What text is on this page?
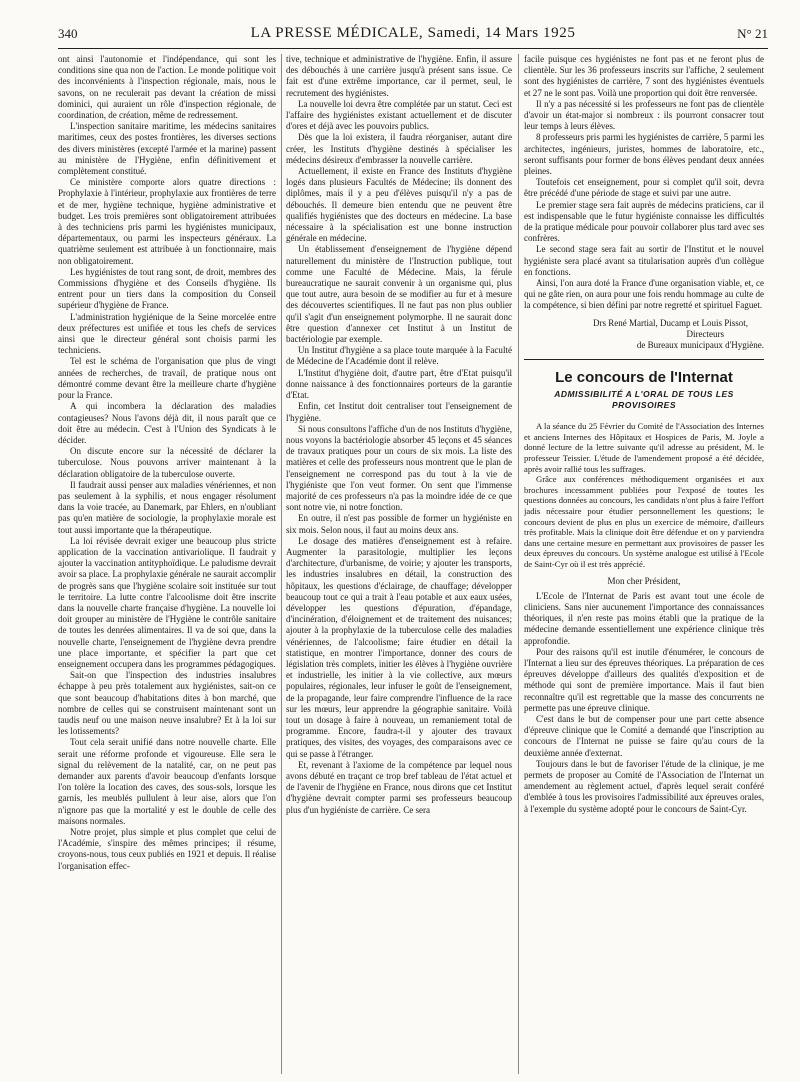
340	LA PRESSE MÉDICALE, Samedi, 14 Mars 1925	N° 21

ont ainsi l'autonomie et l'indépendance, qui sont les conditions sine qua non de l'action. Le monde politique voit des inconvénients à l'inspection régionale, mais, nous le savons, on ne reculerait pas devant la création de missi dominici, qui auraient un rôle d'inspection régionale, de coordination, de création, même de redressement.

L'inspection sanitaire maritime, les médecins sanitaires maritimes, ceux des postes frontières, les diverses sections des divers ministères (excepté l'armée et la marine) passent au ministère de l'Hygiène, enfin définitivement et complètement constitué.

Ce ministère comporte alors quatre directions : Prophylaxie à l'intérieur, prophylaxie aux frontières de terre et de mer, hygiène technique, hygiène administrative et budget. Les trois premières sont obligatoirement attribuées à des techniciens pris parmi les hygiénistes municipaux, départementaux, ou parmi les inspecteurs généraux. La quatrième seulement est attribuée à un fonctionnaire, mais non obligatoirement.

Les hygiénistes de tout rang sont, de droit, membres des Commissions d'hygiène et des Conseils d'hygiène. Ils entrent pour un tiers dans la composition du Conseil supérieur d'hygiène de France.

L'administration hygiénique de la Seine morcelée entre deux préfectures est unifiée et tous les chefs de services ainsi que le directeur général sont choisis parmi les techniciens.

Tel est le schéma de l'organisation que plus de vingt années de recherches, de travail, de pratique nous ont démontré comme devant être la meilleure charte d'hygiène pour la France.

A qui incombera la déclaration des maladies contagieuses? Nous l'avons déjà dit, il nous paraît que ce doit être au médecin. C'est à l'Union des Syndicats à le décider.

On discute encore sur la nécessité de déclarer la tuberculose. Nous pouvons arriver maintenant à la déclaration obligatoire de la tuberculose ouverte.

Il faudrait aussi penser aux maladies vénériennes, et non pas seulement à la syphilis, et nous engager résolument dans la voie tracée, au Danemark, par Ehlers, en n'oubliant pas qu'en matière de sociologie, la prophylaxie morale est tout aussi importante que la thérapeutique.

La loi révisée devrait exiger une beaucoup plus stricte application de la vaccination antivariolique. Il faudrait y ajouter la vaccination antityphoïdique. Le paludisme devrait avoir sa place. La prophylaxie générale ne saurait accomplir de progrès sans que l'hygiène scolaire soit instituée sur tout le territoire. La lutte contre l'alcoolisme doit être inscrite dans la nouvelle charte française d'hygiène. La nouvelle loi doit grouper au ministère de l'Hygiène le contrôle sanitaire de toutes les denrées alimentaires. Il va de soi que, dans la nouvelle charte, l'enseignement de l'hygiène devra prendre une place importante, et spécifier la part que cet enseignement occupera dans les programmes pédagogiques.

Sait-on que l'inspection des industries insalubres échappe à peu près totalement aux hygiénistes, sait-on ce que sont beaucoup d'habitations dites à bon marché, que nombre de celles qui se construisent maintenant sont un taudis neuf ou une maison neuve insalubre? Et à la loi sur les lotissements?

Tout cela serait unifié dans notre nouvelle charte. Elle serait une réforme profonde et vigoureuse. Elle sera le signal du relèvement de la natalité, car, on ne peut pas demander aux parents d'avoir beaucoup d'enfants lorsque l'on tolère la location des caves, des sous-sols, lorsque les garnis, les meublés pullulent à leur aise, alors que l'on n'ignore pas que la mortalité y est le double de celle des maisons normales.

Notre projet, plus simple et plus complet que celui de l'Académie, s'inspire des mêmes principes; il résume, croyons-nous, tous ceux publiés en 1921 et depuis. Il réalise l'organisation effec-

tive, technique et administrative de l'hygiène. Enfin, il assure des débouchés à une carrière jusqu'à présent sans issue. Ce fait est d'une extrême importance, car il permet, seul, le recrutement des hygiénistes.

La nouvelle loi devra être complétée par un statut. Ceci est l'affaire des hygiénistes existant actuellement et de discuter d'ores et déjà avec les pouvoirs publics.

Dès que la loi existera, il faudra réorganiser, autant dire créer, les Instituts d'hygiène destinés à spécialiser les médecins désireux d'embrasser la nouvelle carrière.

Actuellement, il existe en France des Instituts d'hygiène logés dans plusieurs Facultés de Médecine; ils donnent des diplômes, mais il y a peu d'élèves puisqu'il n'y a pas de débouchés. Il demeure bien entendu que ne peuvent être qualifiés hygiénistes que des docteurs en médecine. La base nécessaire à la spécialisation est une bonne instruction générale en médecine.

Un établissement d'enseignement de l'hygiène dépend naturellement du ministère de l'Instruction publique, tout comme une Faculté de Médecine. Mais, la férule bureaucratique ne saurait convenir à un organisme qui, plus que tout autre, aura besoin de se modifier au fur et à mesure des découvertes scientifiques. Il ne faut pas non plus oublier qu'il s'agit d'un enseignement polymorphe. Il ne saurait donc être question d'annexer cet Institut à un Institut de bactériologie par exemple.

Un Institut d'hygiène a sa place toute marquée à la Faculté de Médecine de l'Académie dont il relève.

L'Institut d'hygiène doit, d'autre part, être d'Etat puisqu'il donne naissance à des fonctionnaires porteurs de la garantie d'Etat.

Enfin, cet Institut doit centraliser tout l'enseignement de l'hygiène.

Si nous consultons l'affiche d'un de nos Instituts d'hygiène, nous voyons la bactériologie absorber 45 leçons et 45 séances de travaux pratiques pour un cours de six mois. La liste des matières et celle des professeurs nous montrent que le plan de l'enseignement ne correspond pas du tout à la vie de l'hygiéniste que l'on veut former. On sent que l'immense majorité de ces professeurs n'a pas la moindre idée de ce que sont notre vie, ni notre fonction.

En outre, il n'est pas possible de former un hygiéniste en six mois. Selon nous, il faut au moins deux ans.

Le dosage des matières d'enseignement est à refaire. Augmenter la parasitologie, multiplier les leçons d'architecture, d'urbanisme, de voirie; y ajouter les transports, les industries insalubres en détail, la construction des hôpitaux, les questions d'éclairage, de chauffage; développer beaucoup tout ce qui a trait à l'eau potable et aux eaux usées, développer les questions d'épuration, d'épandage, d'incinération, d'éloignement et de traitement des nuisances; ajouter à la prophylaxie de la tuberculose celle des maladies vénériennes, de l'alcoolisme; faire étudier en détail la statistique, en montrer l'importance, donner des cours de législation très complets, initier les élèves à l'hygiène ouvrière et industrielle, les initier à la vie collective, aux mœurs populaires, régionales, leur infuser le goût de l'enseignement, de la propagande, leur faire comprendre l'influence de la race sur les mœurs, leur apprendre la géographie sanitaire. Voilà tout un dosage à faire à nouveau, un remaniement total de programme. Encore, faudra-t-il y ajouter des travaux pratiques, des visites, des voyages, des comparaisons avec ce qui se passe à l'étranger.

Et, revenant à l'axiome de la compétence par lequel nous avons débuté en traçant ce trop bref tableau de l'état actuel et de l'avenir de l'hygiène en France, nous dirons que cet Institut d'hygiène devrait compter parmi ses professeurs beaucoup plus d'un hygiéniste de carrière. Ce sera

facile puisque ces hygiénistes ne font pas et ne feront plus de clientèle. Sur les 36 professeurs inscrits sur l'affiche, 2 seulement sont des hygiénistes de carrière, 7 sont des hygiénistes éventuels et 27 ne le sont pas. Voilà une proportion qui doit être renversée.

Il n'y a pas nécessité si les professeurs ne font pas de clientèle d'avoir un état-major si nombreux : ils pourront consacrer tout leur temps à leurs élèves.

8 professeurs pris parmi les hygiénistes de carrière, 5 parmi les architectes, ingénieurs, juristes, hommes de laboratoire, etc., seront suffisants pour former de bons élèves pendant deux années pleines.

Toutefois cet enseignement, pour si complet qu'il soit, devra être précédé d'une période de stage et suivi par une autre.

Le premier stage sera fait auprès de médecins praticiens, car il est indispensable que le futur hygiéniste connaisse les difficultés de la pratique médicale pour pouvoir collaborer plus tard avec ses confrères.

Le second stage sera fait au sortir de l'Institut et le nouvel hygiéniste sera placé avant sa titularisation auprès d'un collègue en fonctions.

Ainsi, l'on aura doté la France d'une organisation viable, et, ce qui ne gâte rien, on aura pour une fois rendu hommage au culte de la compétence, si bien défini par notre regretté et spirituel Faguet.

Drs René Martial, Ducamp et Louis Pissot,
Directeurs
de Bureaux municipaux d'Hygiène.
Le concours de l'Internat
ADMISSIBILITÉ A L'ORAL DE TOUS LES PROVISOIRES

A la séance du 25 Février du Comité de l'Association des Internes et anciens Internes des Hôpitaux et Hospices de Paris, M. Joyle a donné lecture de la lettre suivante qu'il adresse au président, M. le professeur Teissier. L'étude de l'amendement proposé a été décidée, après avoir rallié tous les suffrages.

Grâce aux conférences méthodiquement organisées et aux brochures incessamment publiées pour l'exposé de toutes les questions données au concours, les candidats n'ont plus à faire l'effort jadis nécessaire pour étudier personnellement les questions; le concours devient de plus en plus un exercice de mémoire, d'ailleurs très profitable. Mais la clinique doit être défendue et on y parviendra dans une certaine mesure en permettant aux provisoires de passer les deux épreuves du concours. Un système analogue est utilisé à l'Ecole de Saint-Cyr où il est très apprécié.

Mon cher Président,

L'Ecole de l'Internat de Paris est avant tout une école de cliniciens. Sans nier aucunement l'importance des connaissances théoriques, il n'en reste pas moins établi que la pratique de la médecine demande essentiellement une expérience clinique très approfondie.

Pour des raisons qu'il est inutile d'énumérer, le concours de l'Internat a lieu sur des épreuves théoriques. La préparation de ces épreuves développe d'ailleurs des qualités d'exposition et de méthode qui sont de première importance. Mais il faut bien reconnaître qu'il est regrettable que la masse des concurrents ne permette pas une épreuve clinique.

C'est dans le but de compenser pour une part cette absence d'épreuve clinique que le Comité a demandé que l'inscription au concours de l'Internat ne puisse se faire qu'au cours de la deuxième année d'externat.

Toujours dans le but de favoriser l'étude de la clinique, je me permets de proposer au Comité de l'Association de l'Internat un amendement au règlement actuel, d'après lequel serait conféré d'emblée à tous les provisoires l'admissibilité aux épreuves orales, à l'exemple du système adopté pour le concours de Saint-Cyr.
